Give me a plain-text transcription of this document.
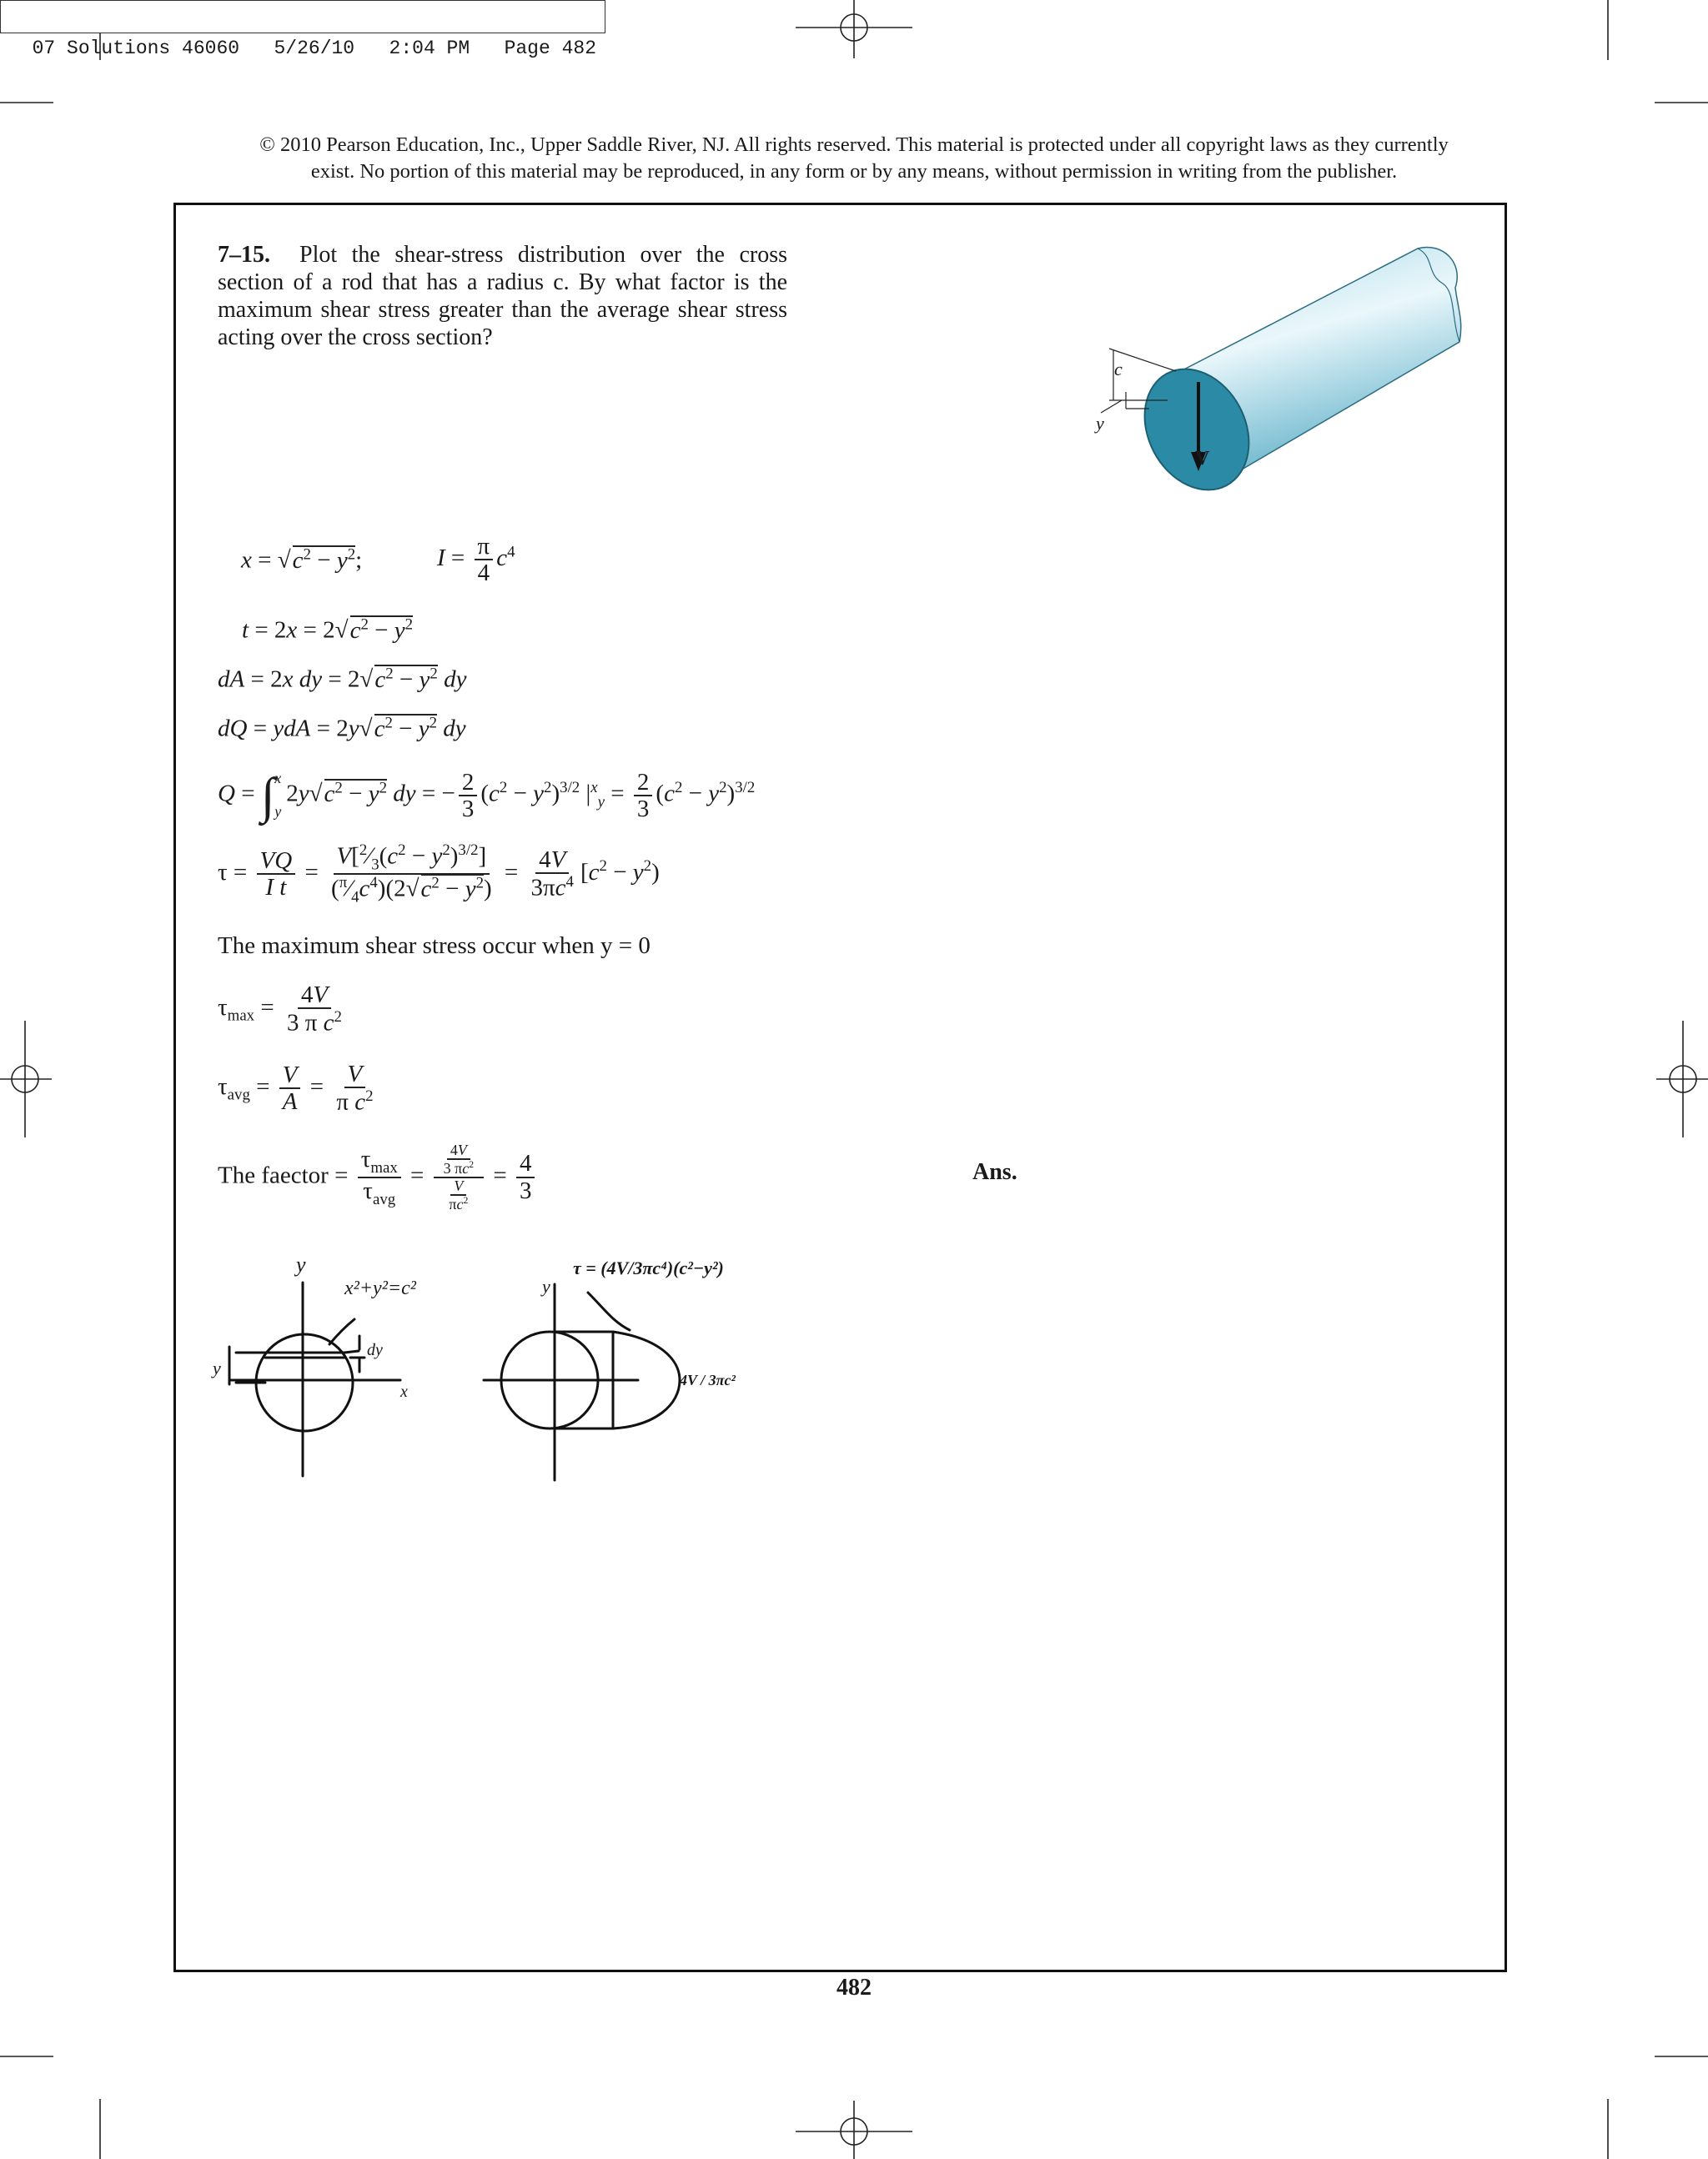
07 Solutions 46060 5/26/10 2:04 PM Page 482

© 2010 Pearson Education, Inc., Upper Saddle River, NJ. All rights reserved. This material is protected under all copyright laws as they currently
exist. No portion of this material may be reproduced, in any form or by any means, without permission in writing from the publisher.
7–15. Plot the shear-stress distribution over the cross section of a rod that has a radius c. By what factor is the maximum shear stress greater than the average shear stress acting over the cross section?
c
y
V
$x = √c^2 - y^2$;	$I = \frac{\pi}{4} c^4$
$t = 2x = 2√c^2 - y^2$
dA = 2x dy = $2√c^2 - y^2$ dy
dQ = ydA = $2y√c^2 - y^2$ dy
Q = ∫x

$y2y√c^2 - y^2$ dy = − $\frac{2}{3} (c^2 - y^2)^{3/2}$ $|^x_y = \frac{2}{3} (c^2 - y^2)^{3/2}$
$\tau = \frac{VQ}{\text{I t}} = \frac{V[^2⁄_3(c^2 - y^2)^{3/2}]}{(^\pi⁄_4c^4)(2√c^2 - y^2)} = \frac{4V}{3\pi c^4} [c^2 - y^2)$
The maximum shear stress occur when y = 0
$\tau_{max} = \frac{4V}{3 \pi c^2}$
$\tau_{avg} = \frac{V}{A} = \frac{V}{\pi c^2}$
The faector = $\frac{\tau_{max}}{\tau_{avg}} = \frac{\frac{4V}{3 \pi c^2}}{\frac{V}{\pi c^2}} = \frac{4}{3}$	Ans.
y
y
x²+y²=c²
dy
x
y
τ = (4V/3πc⁴)(c²−y²)
4V / 3πc²
482
